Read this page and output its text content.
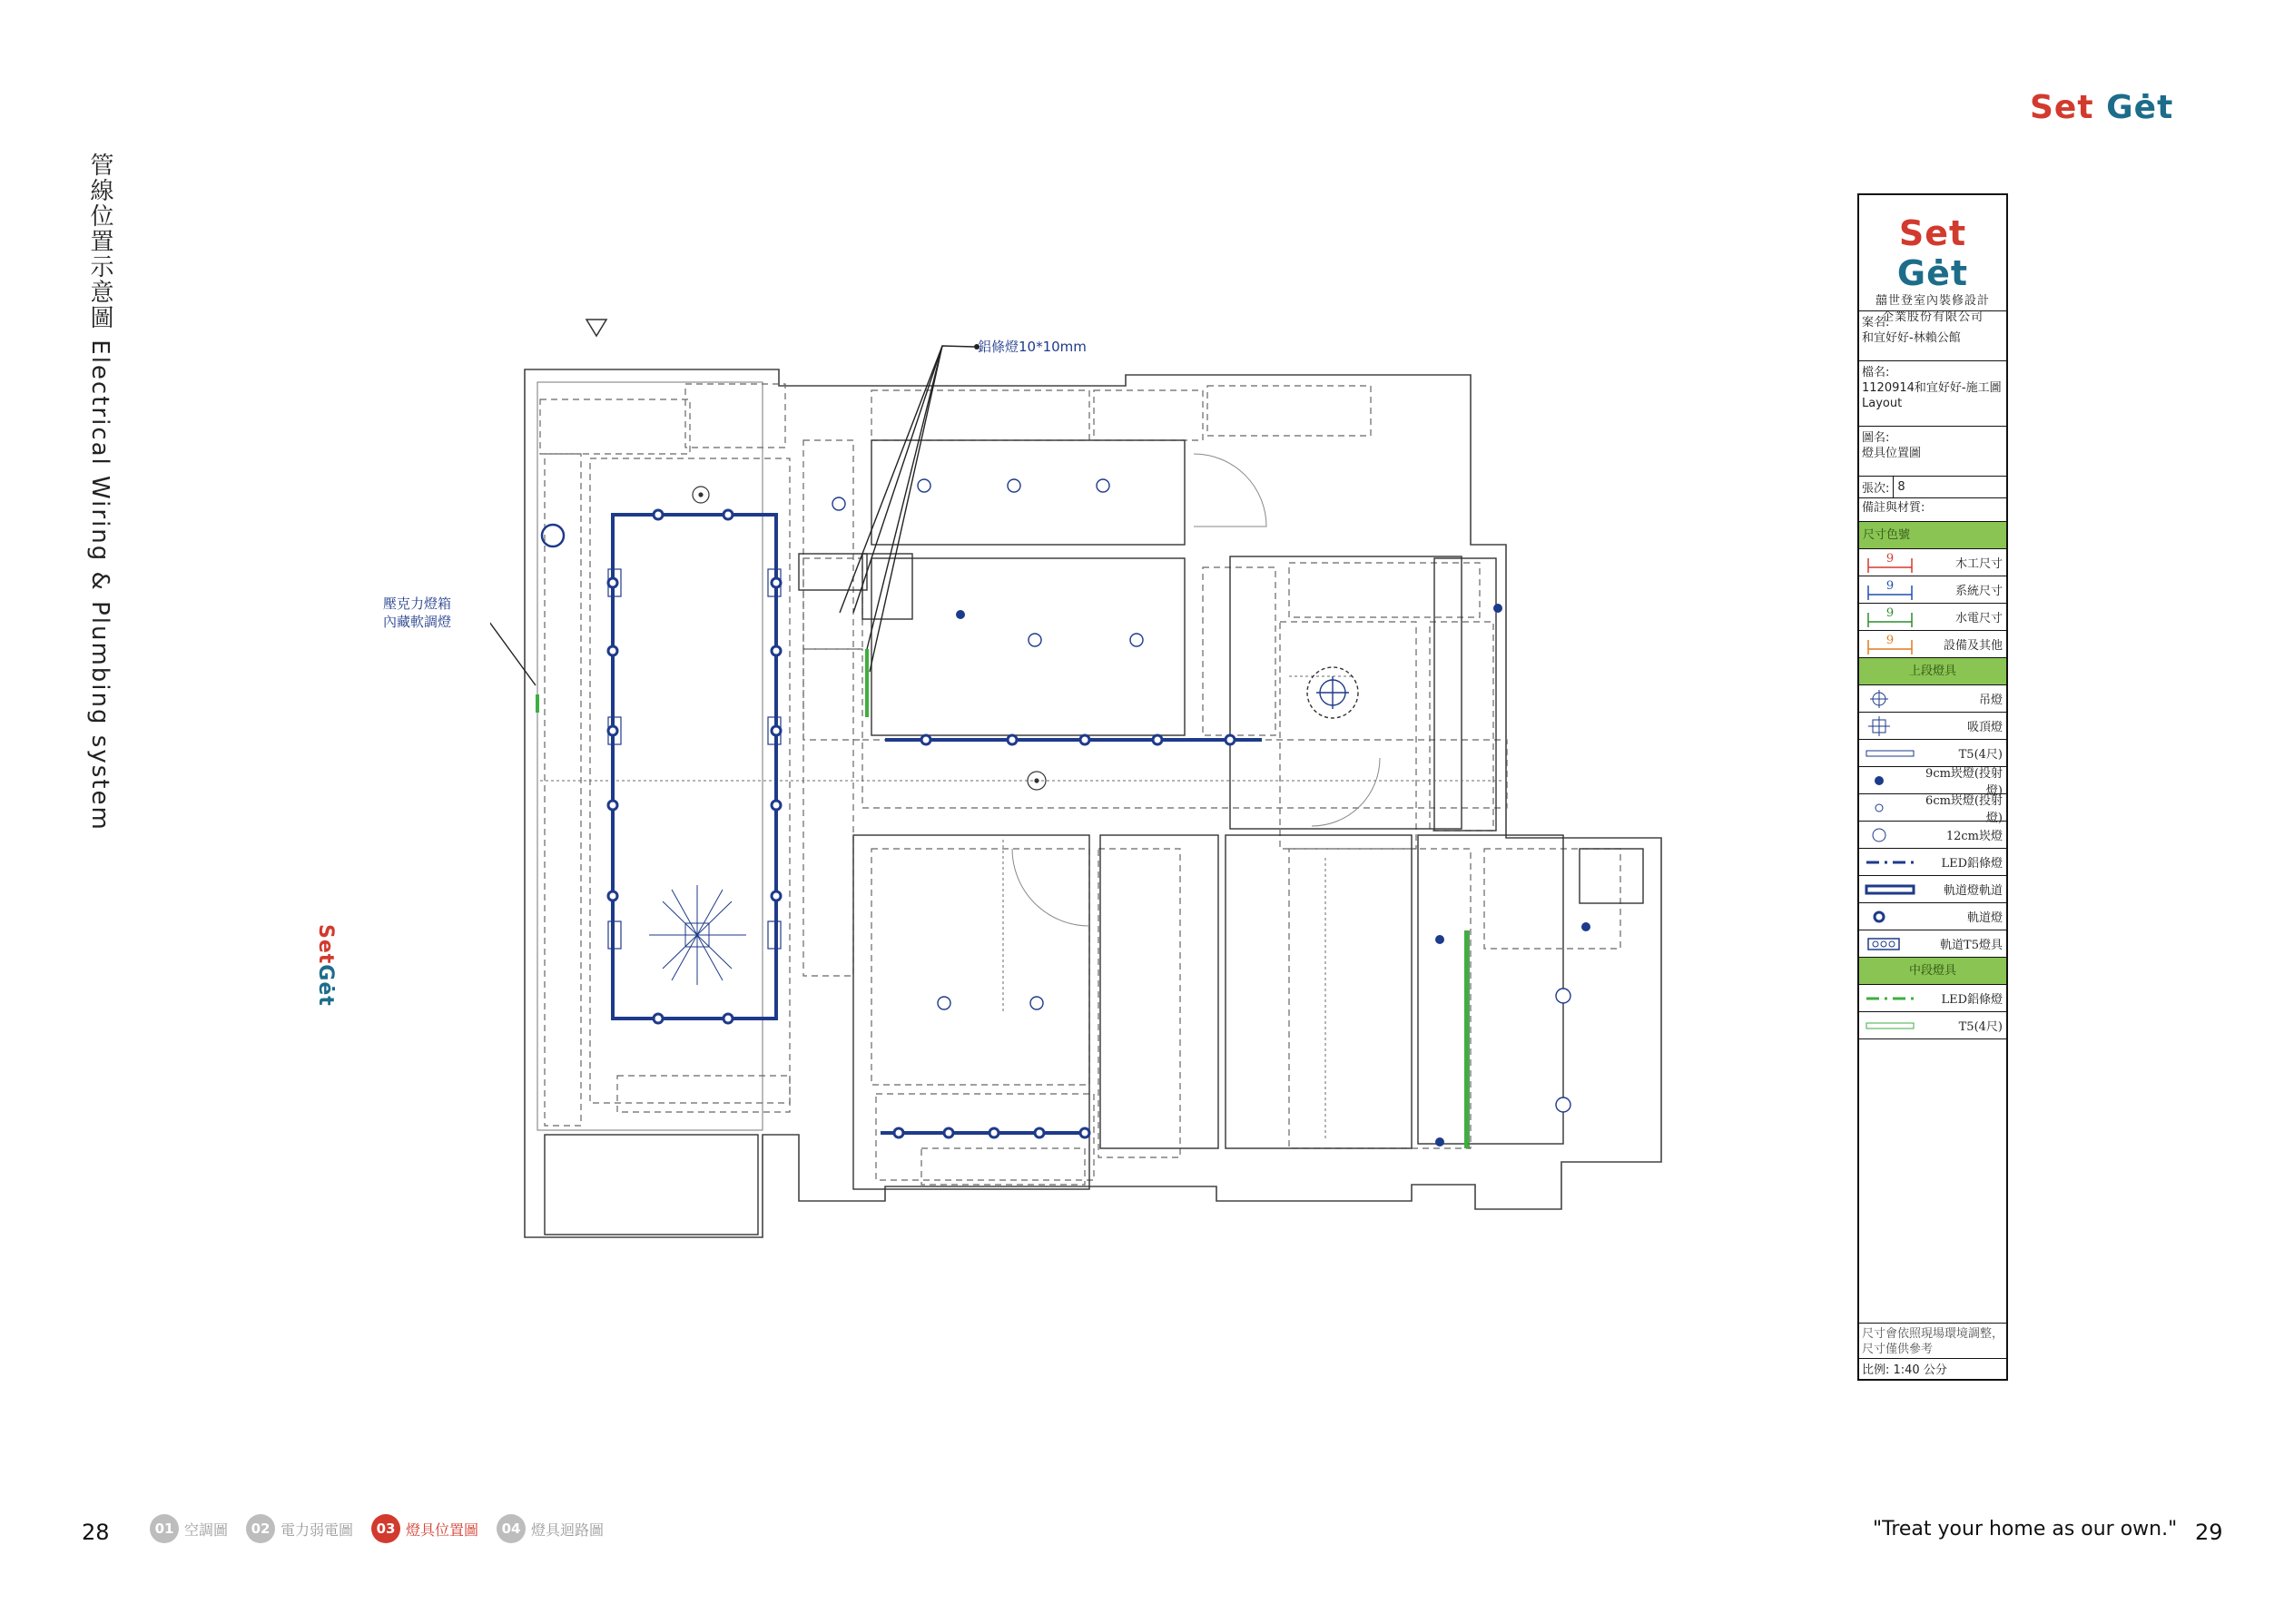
Set Gėt
管線位置示意圖 Electrical Wiring & Plumbing system
SetGėt
鋁條燈10*10mm
壓克力燈箱
內藏軟調燈
Set Gėt
囍世登室內裝修設計
企業股份有限公司
案名:
和宜好好-林賴公館
檔名:
1120914和宜好好-施工圖Layout
圖名:
燈具位置圖
張次: 8
備註與材質:
尺寸色號
9	木工尺寸
9	系統尺寸
9	水電尺寸
9	設備及其他
上段燈具
吊燈
吸頂燈
T5(4尺)
9cm崁燈(投射燈)
6cm崁燈(投射燈)
12cm崁燈
LED鋁條燈
軌道燈軌道
軌道燈
軌道T5燈具
中段燈具
LED鋁條燈
T5(4尺)
尺寸會依照現場環境調整，尺寸僅供參考
比例: 1:40 公分
28	01 空調圖	02 電力弱電圖	03 燈具位置圖	04 燈具迴路圖	"Treat your home as our own." 29
